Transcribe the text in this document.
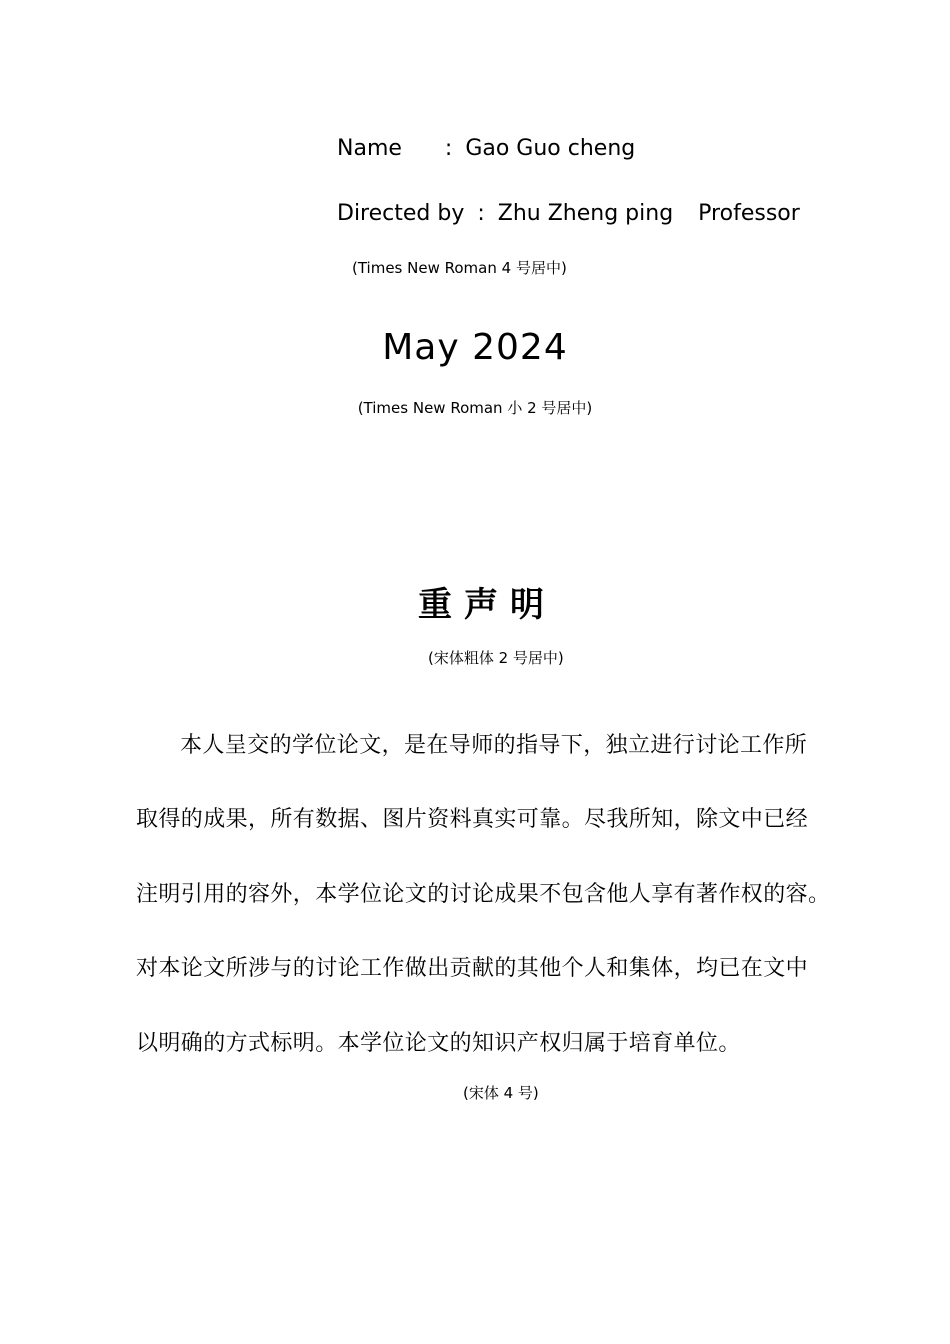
Name : Gao Guo cheng
Directed by : Zhu Zheng ping Professor
(Times New Roman 4 号居中)
May 2024
(Times New Roman 小 2 号居中)
重声明
(宋体粗体 2 号居中)
本人呈交的学位论文，是在导师的指导下，独立进行讨论工作所
取得的成果，所有数据、图片资料真实可靠。尽我所知，除文中已经
注明引用的容外，本学位论文的讨论成果不包含他人享有著作权的容。
对本论文所涉与的讨论工作做出贡献的其他个人和集体，均已在文中
以明确的方式标明。本学位论文的知识产权归属于培育单位。
(宋体 4 号)
